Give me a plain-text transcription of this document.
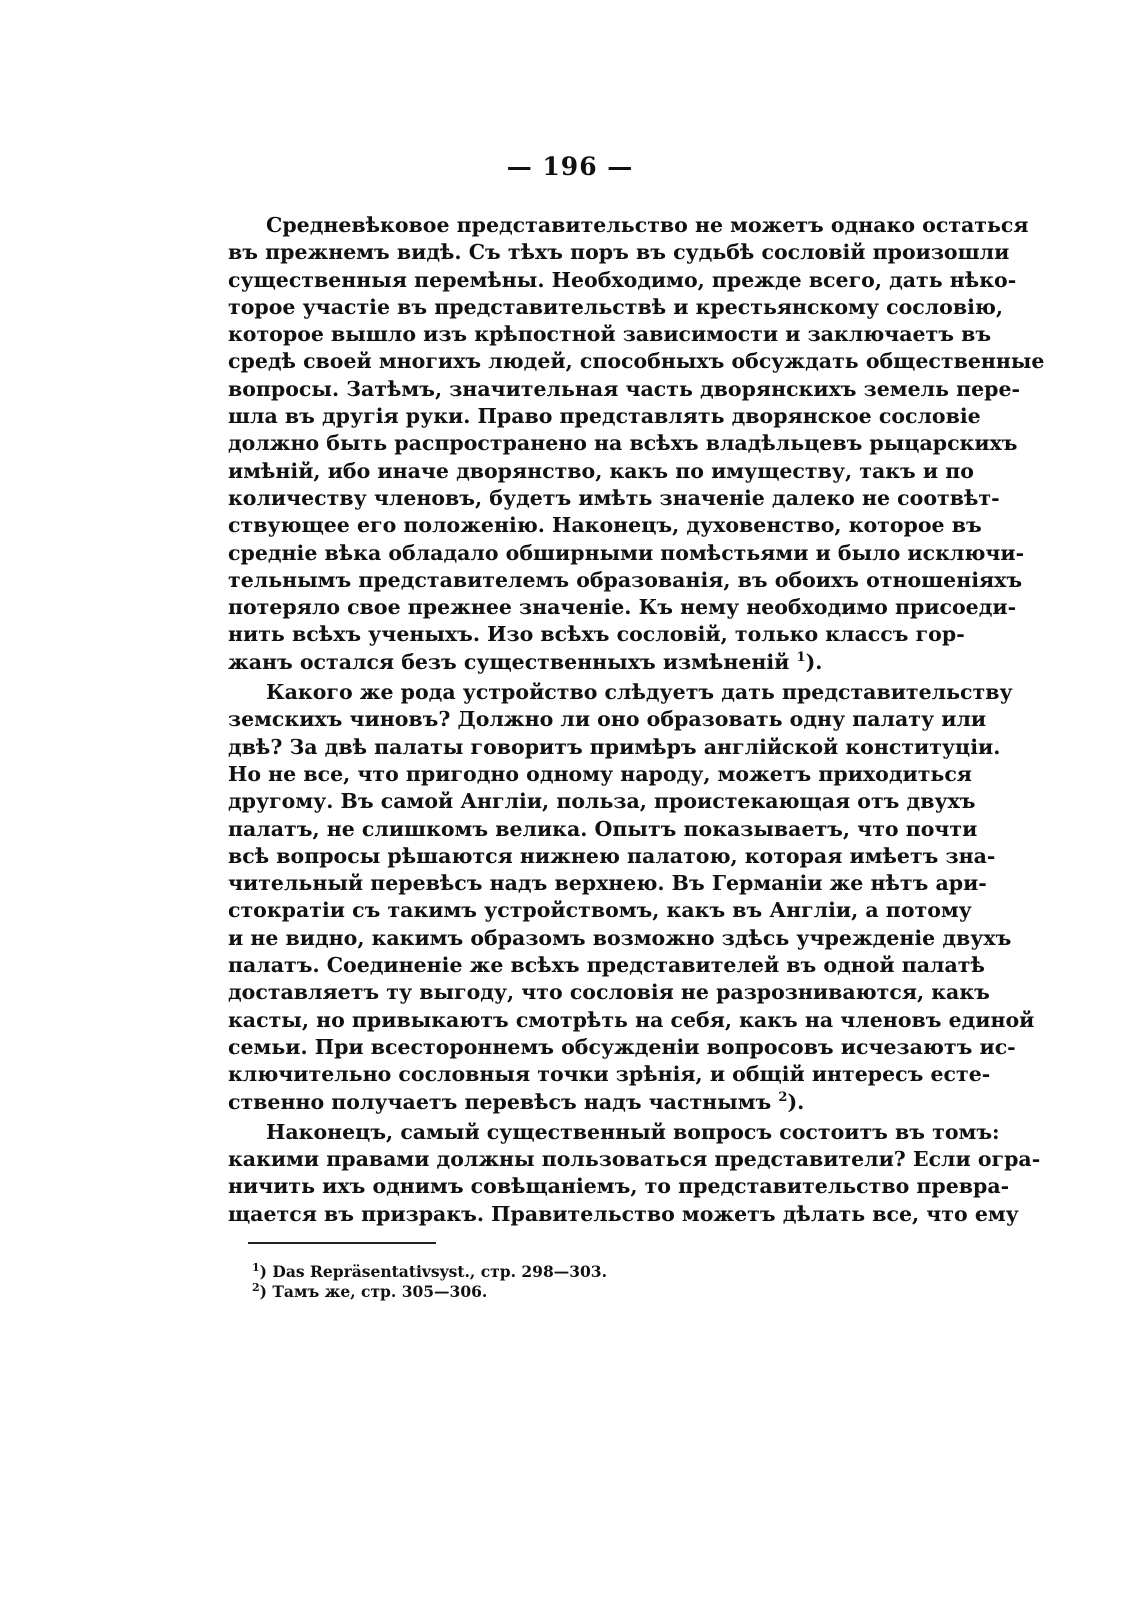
— 196 —
Средневѣковое представительство не можетъ однако остаться
въ прежнемъ видѣ. Съ тѣхъ поръ въ судьбѣ сословій произошли
существенныя перемѣны. Необходимо, прежде всего, дать нѣко-
торое участіе въ представительствѣ и крестьянскому сословію,
которое вышло изъ крѣпостной зависимости и заключаетъ въ
средѣ своей многихъ людей, способныхъ обсуждать общественные
вопросы. Затѣмъ, значительная часть дворянскихъ земель пере-
шла въ другія руки. Право представлять дворянское сословіе
должно быть распространено на всѣхъ владѣльцевъ рыцарскихъ
имѣній, ибо иначе дворянство, какъ по имуществу, такъ и по
количеству членовъ, будетъ имѣть значеніе далеко не соотвѣт-
ствующее его положенію. Наконецъ, духовенство, которое въ
средніе вѣка обладало обширными помѣстьями и было исключи-
тельнымъ представителемъ образованія, въ обоихъ отношеніяхъ
потеряло свое прежнее значеніе. Къ нему необходимо присоеди-
нить всѣхъ ученыхъ. Изо всѣхъ сословій, только классъ гор-
жанъ остался безъ существенныхъ измѣненій $^1$).
Какого же рода устройство слѣдуетъ дать представительству
земскихъ чиновъ? Должно ли оно образовать одну палату или
двѣ? За двѣ палаты говоритъ примѣръ англійской конституціи.
Но не все, что пригодно одному народу, можетъ приходиться
другому. Въ самой Англіи, польза, проистекающая отъ двухъ
палатъ, не слишкомъ велика. Опытъ показываетъ, что почти
всѣ вопросы рѣшаются нижнею палатою, которая имѣетъ зна-
чительный перевѣсъ надъ верхнею. Въ Германіи же нѣтъ ари-
стократіи съ такимъ устройствомъ, какъ въ Англіи, а потому
и не видно, какимъ образомъ возможно здѣсь учрежденіе двухъ
палатъ. Соединеніе же всѣхъ представителей въ одной палатѣ
доставляетъ ту выгоду, что сословія не разрозниваются, какъ
касты, но привыкаютъ смотрѣть на себя, какъ на членовъ единой
семьи. При всестороннемъ обсужденіи вопросовъ исчезаютъ ис-
ключительно сословныя точки зрѣнія, и общій интересъ есте-
ственно получаетъ перевѣсъ надъ частнымъ $^2$).
Наконецъ, самый существенный вопросъ состоитъ въ томъ:
какими правами должны пользоваться представители? Если огра-
ничить ихъ однимъ совѣщаніемъ, то представительство превра-
щается въ призракъ. Правительство можетъ дѣлать все, что ему
$^1$) Das Repräsentativsyst., стр. 298—303.
$^2$) Тамъ же, стр. 305—306.
